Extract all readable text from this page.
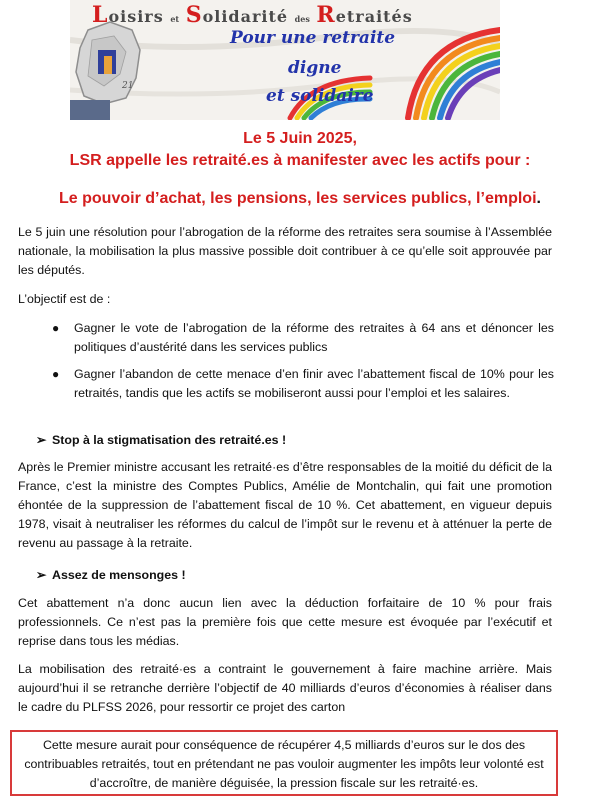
21
Loisirs et Solidarité des Retraités
Pour une retraite
digne
et solidaire

Le 5 Juin 2025,

LSR appelle les retraité.es à manifester avec les actifs pour :

Le pouvoir d’achat, les pensions, les services publics, l’emploi.

Le 5 juin une résolution pour l’abrogation de la réforme des retraites sera soumise à l’Assemblée nationale, la mobilisation la plus massive possible doit contribuer à ce qu’elle soit approuvée par les députés.

L’objectif est de :

● Gagner le vote de l’abrogation de la réforme des retraites à 64 ans et dénoncer les politiques d’austérité dans les services publics
● Gagner l’abandon de cette menace d’en finir avec l’abattement fiscal de 10% pour les retraités, tandis que les actifs se mobiliseront aussi pour l’emploi et les salaires.
➢ Stop à la stigmatisation des retraité.es !

Après le Premier ministre accusant les retraité·es d’être responsables de la moitié du déficit de la France, c’est la ministre des Comptes Publics, Amélie de Montchalin, qui fait une promotion éhontée de la suppression de l’abattement fiscal de 10 %. Cet abattement, en vigueur depuis 1978, visait à neutraliser les réformes du calcul de l’impôt sur le revenu et à atténuer la perte de revenu au passage à la retraite.

➢ Assez de mensonges !

Cet abattement n’a donc aucun lien avec la déduction forfaitaire de 10 % pour frais professionnels. Ce n’est pas la première fois que cette mesure est évoquée par l’exécutif et reprise dans tous les médias.

La mobilisation des retraité·es a contraint le gouvernement à faire machine arrière. Mais aujourd’hui il se retranche derrière l’objectif de 40 milliards d’euros d’économies à réaliser dans le cadre du PLFSS 2026, pour ressortir ce projet des carton

Cette mesure aurait pour conséquence de récupérer 4,5 milliards d’euros sur le dos des contribuables retraités, tout en prétendant ne pas vouloir augmenter les impôts leur volonté est d’accroître, de manière déguisée, la pression fiscale sur les retraité·es.
